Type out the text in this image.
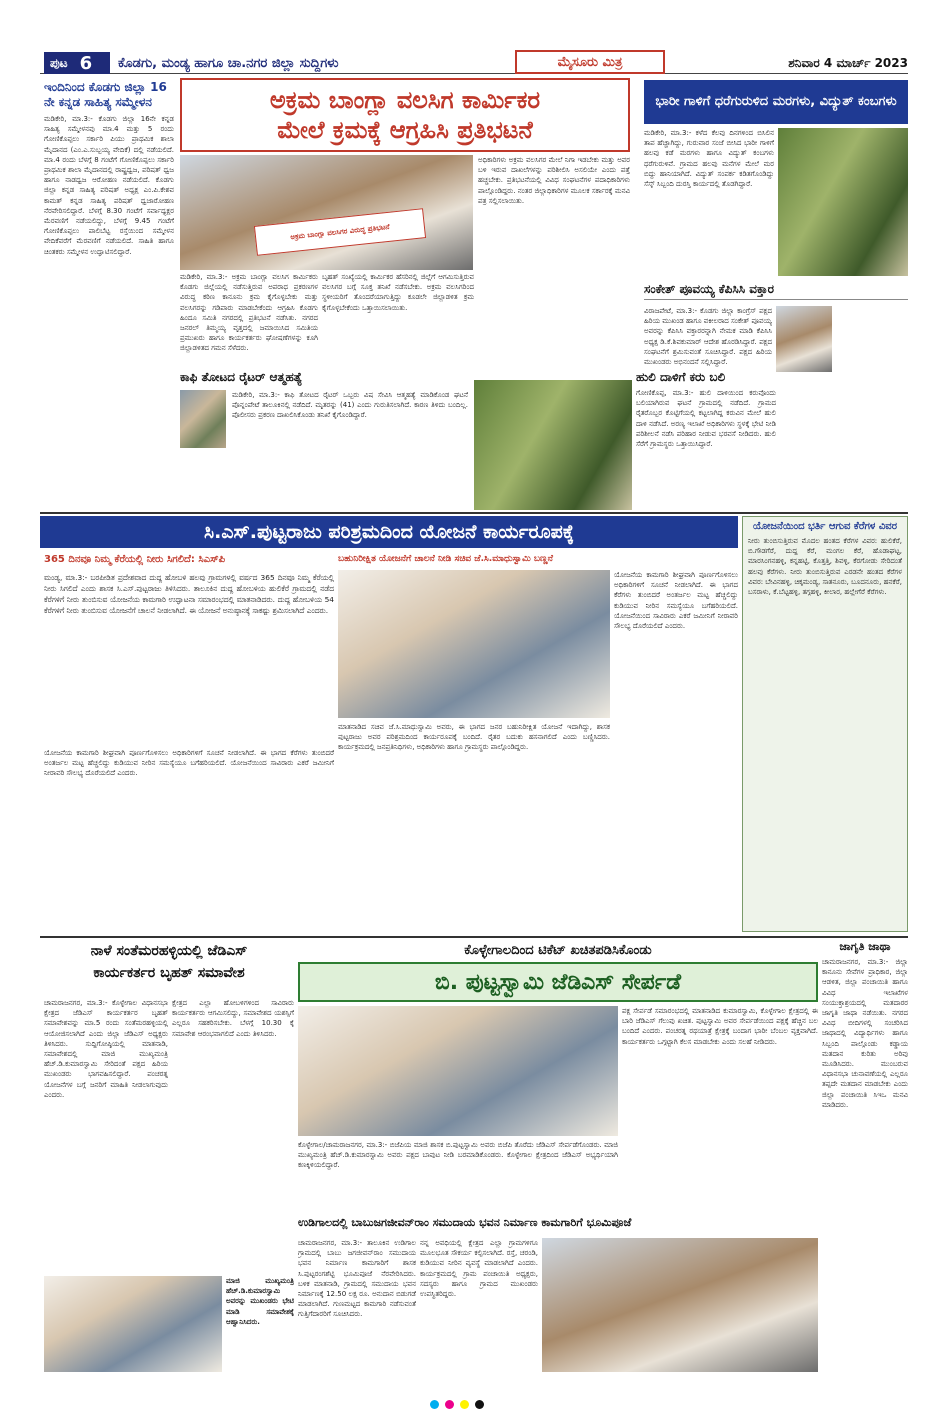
ಪುಟ 6 ಕೊಡಗು, ಮಂಡ್ಯ ಹಾಗೂ ಚಾ.ನಗರ ಜಿಲ್ಲಾ ಸುದ್ದಿಗಳು	ಮೈಸೂರು ಮಿತ್ರ	ಶನಿವಾರ 4 ಮಾರ್ಚ್ 2023
ಇಂದಿನಿಂದ ಕೊಡಗು ಜಿಲ್ಲಾ 16 ನೇ ಕನ್ನಡ ಸಾಹಿತ್ಯ ಸಮ್ಮೇಳನ
ಮಡಿಕೇರಿ, ಮಾ.3:- ಕೊಡಗು ಜಿಲ್ಲಾ 16ನೇ ಕನ್ನಡ ಸಾಹಿತ್ಯ ಸಮ್ಮೇಳನವು ಮಾ.4 ಮತ್ತು 5 ರಂದು ಗೋಣಿಕೊಪ್ಪಲು ಸರ್ಕಾರಿ ಪಿಯು ಪ್ರಾಥಮಿಕ ಶಾಲಾ ಮೈದಾನದ (ಎಂ.ಎ.ಸುಬ್ಬಯ್ಯ ವೇದಿಕೆ) ದಲ್ಲಿ ನಡೆಯಲಿದೆ. ಮಾ.4 ರಂದು ಬೆಳಗ್ಗೆ 8 ಗಂಟೆಗೆ ಗೋಣಿಕೊಪ್ಪಲು ಸರ್ಕಾರಿ ಪ್ರಾಥಮಿಕ ಶಾಲಾ ಮೈದಾನದಲ್ಲಿ ರಾಷ್ಟ್ರಧ್ವಜ, ಪರಿಷತ್ ಧ್ವಜ ಹಾಗೂ ನಾಡಧ್ವಜ ಆರೋಹಣ ನಡೆಯಲಿದೆ. ಕೊಡಗು ಜಿಲ್ಲಾ ಕನ್ನಡ ಸಾಹಿತ್ಯ ಪರಿಷತ್ ಅಧ್ಯಕ್ಷ ಎಂ.ಪಿ.ಕೇಶವ ಕಾಮತ್ ಕನ್ನಡ ಸಾಹಿತ್ಯ ಪರಿಷತ್ ಧ್ವಜಾರೋಹಣ ನೆರವೇರಿಸಲಿದ್ದಾರೆ. ಬೆಳಗ್ಗೆ 8.30 ಗಂಟೆಗೆ ಸರ್ವಾಧ್ಯಕ್ಷರ ಮೆರವಣಿಗೆ ನಡೆಯಲಿದ್ದು, ಬೆಳಗ್ಗೆ 9.45 ಗಂಟೆಗೆ ಗೋಣಿಕೊಪ್ಪಲು ಪಾಲಿಬೆಟ್ಟ ರಸ್ತೆಯಿಂದ ಸಮ್ಮೇಳನ ವೇದಿಕೆವರೆಗೆ ಮೆರವಣಿಗೆ ನಡೆಯಲಿದೆ. ಸಾಹಿತಿ ಹಾಗೂ ಚಿಂತಕರು ಸಮ್ಮೇಳನ ಉದ್ಘಾಟಿಸಲಿದ್ದಾರೆ.
ಅಕ್ರಮ ಬಾಂಗ್ಲಾ ವಲಸಿಗ ಕಾರ್ಮಿಕರ
ಮೇಲೆ ಕ್ರಮಕ್ಕೆ ಆಗ್ರಹಿಸಿ ಪ್ರತಿಭಟನೆ
ಅಕ್ರಮ ಬಾಂಗ್ಲಾ ವಲಸಿಗರ ವಿರುದ್ಧ ಪ್ರತಿಭಟನೆ
ಮಡಿಕೇರಿ, ಮಾ.3:- ಅಕ್ರಮ ಬಾಂಗ್ಲಾ ವಲಸಿಗ ಕಾರ್ಮಿಕರು ಕೊಡಗು ಜಿಲ್ಲೆಯಲ್ಲಿ ನಡೆಸುತ್ತಿರುವ ಅಪರಾಧ ಪ್ರಕರಣಗಳ ವಿರುದ್ಧ ಕಠಿಣ ಕಾನೂನು ಕ್ರಮ ಕೈಗೊಳ್ಳಬೇಕು ಮತ್ತು ವಲಸಿಗರನ್ನು ಗಡಿಪಾರು ಮಾಡಬೇಕೆಂದು ಆಗ್ರಹಿಸಿ ಕೊಡಗು ಹಿಂದೂ ಸಮಿತಿ ನಗರದಲ್ಲಿ ಪ್ರತಿಭಟನೆ ನಡೆಸಿತು. ನಗರದ ಜನರಲ್ ತಿಮ್ಮಯ್ಯ ವೃತ್ತದಲ್ಲಿ ಜಮಾಯಿಸಿದ ಸಮಿತಿಯ ಪ್ರಮುಖರು ಹಾಗೂ ಕಾರ್ಯಕರ್ತರು ಘೋಷಣೆಗಳನ್ನು ಕೂಗಿ ಜಿಲ್ಲಾಡಳಿತದ ಗಮನ ಸೆಳೆದರು.
ಬೃಹತ್ ಸಂಖ್ಯೆಯಲ್ಲಿ ಕಾರ್ಮಿಕರ ಹೆಸರಿನಲ್ಲಿ ಜಿಲ್ಲೆಗೆ ಆಗಮಿಸುತ್ತಿರುವ ವಲಸಿಗರ ಬಗ್ಗೆ ಸೂಕ್ತ ತನಿಖೆ ನಡೆಸಬೇಕು. ಅಕ್ರಮ ವಲಸಿಗರಿಂದ ಸ್ಥಳೀಯರಿಗೆ ತೊಂದರೆಯಾಗುತ್ತಿದ್ದು ಕೂಡಲೇ ಜಿಲ್ಲಾಡಳಿತ ಕ್ರಮ ಕೈಗೊಳ್ಳಬೇಕೆಂದು ಒತ್ತಾಯಿಸಲಾಯಿತು.
ಅಧಿಕಾರಿಗಳು ಅಕ್ರಮ ವಲಸಿಗರ ಮೇಲೆ ನಿಗಾ ಇಡಬೇಕು ಮತ್ತು ಅವರ ಬಳಿ ಇರುವ ದಾಖಲೆಗಳನ್ನು ಪರಿಶೀಲಿಸಿ ಅಸಲಿಯೇ ಎಂದು ಪತ್ತೆ ಹಚ್ಚಬೇಕು. ಪ್ರತಿಭಟನೆಯಲ್ಲಿ ವಿವಿಧ ಸಂಘಟನೆಗಳ ಪದಾಧಿಕಾರಿಗಳು ಪಾಲ್ಗೊಂಡಿದ್ದರು. ನಂತರ ಜಿಲ್ಲಾಧಿಕಾರಿಗಳ ಮೂಲಕ ಸರ್ಕಾರಕ್ಕೆ ಮನವಿ ಪತ್ರ ಸಲ್ಲಿಸಲಾಯಿತು.
ಕಾಫಿ ತೋಟದ ರೈಟರ್ ಆತ್ಮಹತ್ಯೆ
ಮಡಿಕೇರಿ, ಮಾ.3:- ಕಾಫಿ ತೋಟದ ರೈಟರ್ ಒಬ್ಬರು ವಿಷ ಸೇವಿಸಿ ಆತ್ಮಹತ್ಯೆ ಮಾಡಿಕೊಂಡ ಘಟನೆ ಪೊನ್ನಂಪೇಟೆ ತಾಲೂಕಿನಲ್ಲಿ ನಡೆದಿದೆ. ಮೃತರನ್ನು (41) ಎಂದು ಗುರುತಿಸಲಾಗಿದೆ. ಕಾರಣ ತಿಳಿದು ಬಂದಿಲ್ಲ. ಪೊಲೀಸರು ಪ್ರಕರಣ ದಾಖಲಿಸಿಕೊಂಡು ತನಿಖೆ ಕೈಗೊಂಡಿದ್ದಾರೆ.
ಹುಲಿ ದಾಳಿಗೆ ಕರು ಬಲಿ
ಗೋಣಿಕೊಪ್ಪ, ಮಾ.3:- ಹುಲಿ ದಾಳಿಯಿಂದ ಕರುವೊಂದು ಬಲಿಯಾಗಿರುವ ಘಟನೆ ಗ್ರಾಮದಲ್ಲಿ ನಡೆದಿದೆ. ಗ್ರಾಮದ ರೈತರೊಬ್ಬರ ಕೊಟ್ಟಿಗೆಯಲ್ಲಿ ಕಟ್ಟಲಾಗಿದ್ದ ಕರುವಿನ ಮೇಲೆ ಹುಲಿ ದಾಳಿ ನಡೆಸಿದೆ. ಅರಣ್ಯ ಇಲಾಖೆ ಅಧಿಕಾರಿಗಳು ಸ್ಥಳಕ್ಕೆ ಭೇಟಿ ನೀಡಿ ಪರಿಶೀಲನೆ ನಡೆಸಿ ಪರಿಹಾರ ನೀಡುವ ಭರವಸೆ ನೀಡಿದರು. ಹುಲಿ ಸೆರೆಗೆ ಗ್ರಾಮಸ್ಥರು ಒತ್ತಾಯಿಸಿದ್ದಾರೆ.
ಭಾರೀ ಗಾಳಿಗೆ ಧರೆಗುರುಳಿದ ಮರಗಳು, ವಿದ್ಯುತ್ ಕಂಬಗಳು
ಮಡಿಕೇರಿ, ಮಾ.3:- ಕಳೆದ ಕೆಲವು ದಿನಗಳಿಂದ ಬಿಸಿಲಿನ ತಾಪ ಹೆಚ್ಚಾಗಿದ್ದು, ಗುರುವಾರ ಸಂಜೆ ಬೀಸಿದ ಭಾರೀ ಗಾಳಿಗೆ ಹಲವು ಕಡೆ ಮರಗಳು ಹಾಗೂ ವಿದ್ಯುತ್ ಕಂಬಗಳು ಧರೆಗುರುಳಿವೆ. ಗ್ರಾಮದ ಹಲವು ಮನೆಗಳ ಮೇಲೆ ಮರ ಬಿದ್ದು ಹಾನಿಯಾಗಿದೆ. ವಿದ್ಯುತ್ ಸಂಪರ್ಕ ಕಡಿತಗೊಂಡಿದ್ದು ಸೆಸ್ಕ್ ಸಿಬ್ಬಂದಿ ದುರಸ್ತಿ ಕಾರ್ಯದಲ್ಲಿ ತೊಡಗಿದ್ದಾರೆ.
ಸಂಕೇತ್ ಪೂವಯ್ಯ ಕೆಪಿಸಿಸಿ ವಕ್ತಾರ
ವಿರಾಜಪೇಟೆ, ಮಾ.3:- ಕೊಡಗು ಜಿಲ್ಲಾ ಕಾಂಗ್ರೆಸ್ ಪಕ್ಷದ ಹಿರಿಯ ಮುಖಂಡ ಹಾಗೂ ವಕೀಲರಾದ ಸಂಕೇತ್ ಪೂವಯ್ಯ ಅವರನ್ನು ಕೆಪಿಸಿಸಿ ವಕ್ತಾರರನ್ನಾಗಿ ನೇಮಕ ಮಾಡಿ ಕೆಪಿಸಿಸಿ ಅಧ್ಯಕ್ಷ ಡಿ.ಕೆ.ಶಿವಕುಮಾರ್ ಆದೇಶ ಹೊರಡಿಸಿದ್ದಾರೆ. ಪಕ್ಷದ ಸಂಘಟನೆಗೆ ಶ್ರಮಿಸುವಂತೆ ಸೂಚಿಸಿದ್ದಾರೆ. ಪಕ್ಷದ ಹಿರಿಯ ಮುಖಂಡರು ಅಭಿನಂದನೆ ಸಲ್ಲಿಸಿದ್ದಾರೆ.
ಸಿ.ಎಸ್.ಪುಟ್ಟರಾಜು ಪರಿಶ್ರಮದಿಂದ ಯೋಜನೆ ಕಾರ್ಯರೂಪಕ್ಕೆ
365 ದಿನವೂ ನಿಮ್ಮ ಕೆರೆಯಲ್ಲಿ ನೀರು ಸಿಗಲಿದೆ: ಸಿಎಸ್‌ಪಿ	ಬಹುನಿರೀಕ್ಷಿತ ಯೋಜನೆಗೆ ಚಾಲನೆ ನೀಡಿ ಸಚಿವ ಜೆ.ಸಿ.ಮಾಧುಸ್ವಾಮಿ ಬಣ್ಣನೆ
ಮಂಡ್ಯ, ಮಾ.3:- ಬರಪೀಡಿತ ಪ್ರದೇಶವಾದ ದುದ್ದ ಹೋಬಳಿ ಹಲವು ಗ್ರಾಮಗಳಲ್ಲಿ ವರ್ಷದ 365 ದಿನವೂ ನಿಮ್ಮ ಕೆರೆಯಲ್ಲಿ ನೀರು ಸಿಗಲಿದೆ ಎಂದು ಶಾಸಕ ಸಿ.ಎಸ್.ಪುಟ್ಟರಾಜು ತಿಳಿಸಿದರು. ತಾಲೂಕಿನ ದುದ್ದ ಹೋಬಳಿಯ ಹುಲಿಕೆರೆ ಗ್ರಾಮದಲ್ಲಿ ನಡೆದ ಕೆರೆಗಳಿಗೆ ನೀರು ತುಂಬಿಸುವ ಯೋಜನೆಯ ಕಾಮಗಾರಿ ಉದ್ಘಾಟನಾ ಸಮಾರಂಭದಲ್ಲಿ ಮಾತನಾಡಿದರು. ದುದ್ದ ಹೋಬಳಿಯ 54 ಕೆರೆಗಳಿಗೆ ನೀರು ತುಂಬಿಸುವ ಯೋಜನೆಗೆ ಚಾಲನೆ ನೀಡಲಾಗಿದೆ. ಈ ಯೋಜನೆ ಅನುಷ್ಠಾನಕ್ಕೆ ಸಾಕಷ್ಟು ಶ್ರಮಿಸಲಾಗಿದೆ ಎಂದರು.
ಮಾತನಾಡಿದ ಸಚಿವ ಜೆ.ಸಿ.ಮಾಧುಸ್ವಾಮಿ ಅವರು, ಈ ಭಾಗದ ಜನರ ಬಹುನಿರೀಕ್ಷಿತ ಯೋಜನೆ ಇದಾಗಿದ್ದು, ಶಾಸಕ ಪುಟ್ಟರಾಜು ಅವರ ಪರಿಶ್ರಮದಿಂದ ಕಾರ್ಯರೂಪಕ್ಕೆ ಬಂದಿದೆ. ರೈತರ ಬದುಕು ಹಸನಾಗಲಿದೆ ಎಂದು ಬಣ್ಣಿಸಿದರು. ಕಾರ್ಯಕ್ರಮದಲ್ಲಿ ಜನಪ್ರತಿನಿಧಿಗಳು, ಅಧಿಕಾರಿಗಳು ಹಾಗೂ ಗ್ರಾಮಸ್ಥರು ಪಾಲ್ಗೊಂಡಿದ್ದರು.
ಯೋಜನೆಯ ಕಾಮಗಾರಿ ಶೀಘ್ರವಾಗಿ ಪೂರ್ಣಗೊಳಿಸಲು ಅಧಿಕಾರಿಗಳಿಗೆ ಸೂಚನೆ ನೀಡಲಾಗಿದೆ. ಈ ಭಾಗದ ಕೆರೆಗಳು ತುಂಬಿದರೆ ಅಂತರ್ಜಲ ಮಟ್ಟ ಹೆಚ್ಚಲಿದ್ದು ಕುಡಿಯುವ ನೀರಿನ ಸಮಸ್ಯೆಯೂ ಬಗೆಹರಿಯಲಿದೆ. ಯೋಜನೆಯಿಂದ ಸಾವಿರಾರು ಎಕರೆ ಜಮೀನಿಗೆ ನೀರಾವರಿ ಸೌಲಭ್ಯ ದೊರೆಯಲಿದೆ ಎಂದರು.
ಯೋಜನೆಯಿಂದ ಭರ್ತಿ ಆಗುವ ಕೆರೆಗಳ ವಿವರ
ನೀರು ತುಂಬಿಸುತ್ತಿರುವ ಮೊದಲ ಹಂತದ ಕೆರೆಗಳ ವಿವರ: ಹುಲಿಕೆರೆ, ಬಿ.ಗೌಡಗೆರೆ, ದುದ್ದ ಕೆರೆ, ಮಂಗಲ ಕೆರೆ, ಹೊಡಾಘಟ್ಟ, ಮಾರಸಿಂಗನಹಳ್ಳಿ, ಕನ್ನಹಟ್ಟಿ, ಕೊತ್ತತ್ತಿ, ಶಿವಳ್ಳಿ, ಕೆರಗೋಡು ಸೇರಿದಂತೆ ಹಲವು ಕೆರೆಗಳು. ನೀರು ತುಂಬಿಸುತ್ತಿರುವ ಎರಡನೇ ಹಂತದ ಕೆರೆಗಳ ವಿವರ: ಬೇವಿನಹಳ್ಳಿ, ಚಿಕ್ಕಮಂಡ್ಯ, ಸಾತನೂರು, ಬೂದನೂರು, ಹನಕೆರೆ, ಬಸರಾಳು, ಕೆ.ಬೆಟ್ಟಹಳ್ಳಿ, ತಗ್ಗಹಳ್ಳಿ, ಕೀಲಾರ, ಹಲ್ಲೇಗೆರೆ ಕೆರೆಗಳು.
ಯೋಜನೆಯ ಕಾಮಗಾರಿ ಶೀಘ್ರವಾಗಿ ಪೂರ್ಣಗೊಳಿಸಲು ಅಧಿಕಾರಿಗಳಿಗೆ ಸೂಚನೆ ನೀಡಲಾಗಿದೆ. ಈ ಭಾಗದ ಕೆರೆಗಳು ತುಂಬಿದರೆ ಅಂತರ್ಜಲ ಮಟ್ಟ ಹೆಚ್ಚಲಿದ್ದು ಕುಡಿಯುವ ನೀರಿನ ಸಮಸ್ಯೆಯೂ ಬಗೆಹರಿಯಲಿದೆ. ಯೋಜನೆಯಿಂದ ಸಾವಿರಾರು ಎಕರೆ ಜಮೀನಿಗೆ ನೀರಾವರಿ ಸೌಲಭ್ಯ ದೊರೆಯಲಿದೆ ಎಂದರು.
ನಾಳೆ ಸಂತೆಮರಹಳ್ಳಿಯಲ್ಲಿ ಜೆಡಿಎಸ್
ಕಾರ್ಯಕರ್ತರ ಬೃಹತ್ ಸಮಾವೇಶ
ಚಾಮರಾಜನಗರ, ಮಾ.3:- ಕೊಳ್ಳೇಗಾಲ ವಿಧಾನಸಭಾ ಕ್ಷೇತ್ರದ ಜೆಡಿಎಸ್ ಕಾರ್ಯಕರ್ತರ ಬೃಹತ್ ಸಮಾವೇಶವನ್ನು ಮಾ.5 ರಂದು ಸಂತೆಮರಹಳ್ಳಿಯಲ್ಲಿ ಆಯೋಜಿಸಲಾಗಿದೆ ಎಂದು ಜಿಲ್ಲಾ ಜೆಡಿಎಸ್ ಅಧ್ಯಕ್ಷರು ತಿಳಿಸಿದರು. ಸುದ್ದಿಗೋಷ್ಠಿಯಲ್ಲಿ ಮಾತನಾಡಿ, ಸಮಾವೇಶದಲ್ಲಿ ಮಾಜಿ ಮುಖ್ಯಮಂತ್ರಿ ಹೆಚ್.ಡಿ.ಕುಮಾರಸ್ವಾಮಿ ಸೇರಿದಂತೆ ಪಕ್ಷದ ಹಿರಿಯ ಮುಖಂಡರು ಭಾಗವಹಿಸಲಿದ್ದಾರೆ. ಪಂಚರತ್ನ ಯೋಜನೆಗಳ ಬಗ್ಗೆ ಜನರಿಗೆ ಮಾಹಿತಿ ನೀಡಲಾಗುವುದು ಎಂದರು.
ಕ್ಷೇತ್ರದ ಎಲ್ಲಾ ಹೋಬಳಿಗಳಿಂದ ಸಾವಿರಾರು ಕಾರ್ಯಕರ್ತರು ಆಗಮಿಸಲಿದ್ದು, ಸಮಾವೇಶದ ಯಶಸ್ಸಿಗೆ ಎಲ್ಲರೂ ಸಹಕರಿಸಬೇಕು. ಬೆಳಗ್ಗೆ 10.30 ಕ್ಕೆ ಸಮಾವೇಶ ಆರಂಭವಾಗಲಿದೆ ಎಂದು ತಿಳಿಸಿದರು.
ಮಾಜಿ ಮುಖ್ಯಮಂತ್ರಿ ಹೆಚ್.ಡಿ.ಕುಮಾರಸ್ವಾಮಿ ಅವರನ್ನು ಮುಖಂಡರು ಭೇಟಿ ಮಾಡಿ ಸಮಾವೇಶಕ್ಕೆ ಆಹ್ವಾನಿಸಿದರು.
ಕೊಳ್ಳೇಗಾಲದಿಂದ ಟಿಕೆಟ್ ಖಚಿತಪಡಿಸಿಕೊಂಡು
ಬಿ. ಪುಟ್ಟಸ್ವಾಮಿ ಜೆಡಿಎಸ್ ಸೇರ್ಪಡೆ
ಕೊಳ್ಳೇಗಾಲ/ಚಾಮರಾಜನಗರ, ಮಾ.3:- ಬಿಜೆಪಿಯ ಮಾಜಿ ಶಾಸಕ ಬಿ.ಪುಟ್ಟಸ್ವಾಮಿ ಅವರು ಬಿಜೆಪಿ ತೊರೆದು ಜೆಡಿಎಸ್ ಸೇರ್ಪಡೆಗೊಂಡರು. ಮಾಜಿ ಮುಖ್ಯಮಂತ್ರಿ ಹೆಚ್.ಡಿ.ಕುಮಾರಸ್ವಾಮಿ ಅವರು ಪಕ್ಷದ ಬಾವುಟ ನೀಡಿ ಬರಮಾಡಿಕೊಂಡರು. ಕೊಳ್ಳೇಗಾಲ ಕ್ಷೇತ್ರದಿಂದ ಜೆಡಿಎಸ್ ಅಭ್ಯರ್ಥಿಯಾಗಿ ಕಣಕ್ಕಿಳಿಯಲಿದ್ದಾರೆ.
ಪಕ್ಷ ಸೇರ್ಪಡೆ ಸಮಾರಂಭದಲ್ಲಿ ಮಾತನಾಡಿದ ಕುಮಾರಸ್ವಾಮಿ, ಕೊಳ್ಳೇಗಾಲ ಕ್ಷೇತ್ರದಲ್ಲಿ ಈ ಬಾರಿ ಜೆಡಿಎಸ್ ಗೆಲುವು ಖಚಿತ. ಪುಟ್ಟಸ್ವಾಮಿ ಅವರ ಸೇರ್ಪಡೆಯಿಂದ ಪಕ್ಷಕ್ಕೆ ಹೆಚ್ಚಿನ ಬಲ ಬಂದಿದೆ ಎಂದರು. ಪಂಚರತ್ನ ರಥಯಾತ್ರೆ ಕ್ಷೇತ್ರಕ್ಕೆ ಬಂದಾಗ ಭಾರೀ ಬೆಂಬಲ ವ್ಯಕ್ತವಾಗಿದೆ. ಕಾರ್ಯಕರ್ತರು ಒಗ್ಗಟ್ಟಾಗಿ ಕೆಲಸ ಮಾಡಬೇಕು ಎಂದು ಸಲಹೆ ನೀಡಿದರು.
ಜಾಗೃತಿ ಜಾಥಾ
ಚಾಮರಾಜನಗರ, ಮಾ.3:- ಜಿಲ್ಲಾ ಕಾನೂನು ಸೇವೆಗಳ ಪ್ರಾಧಿಕಾರ, ಜಿಲ್ಲಾ ಆಡಳಿತ, ಜಿಲ್ಲಾ ಪಂಚಾಯಿತಿ ಹಾಗೂ ವಿವಿಧ ಇಲಾಖೆಗಳ ಸಂಯುಕ್ತಾಶ್ರಯದಲ್ಲಿ ಮತದಾರರ ಜಾಗೃತಿ ಜಾಥಾ ನಡೆಯಿತು. ನಗರದ ವಿವಿಧ ಬೀದಿಗಳಲ್ಲಿ ಸಂಚರಿಸಿದ ಜಾಥಾದಲ್ಲಿ ವಿದ್ಯಾರ್ಥಿಗಳು ಹಾಗೂ ಸಿಬ್ಬಂದಿ ಪಾಲ್ಗೊಂಡು ಕಡ್ಡಾಯ ಮತದಾನ ಕುರಿತು ಅರಿವು ಮೂಡಿಸಿದರು. ಮುಂಬರುವ ವಿಧಾನಸಭಾ ಚುನಾವಣೆಯಲ್ಲಿ ಎಲ್ಲರೂ ತಪ್ಪದೇ ಮತದಾನ ಮಾಡಬೇಕು ಎಂದು ಜಿಲ್ಲಾ ಪಂಚಾಯಿತಿ ಸಿಇಒ ಮನವಿ ಮಾಡಿದರು.
ಉಡಿಗಾಲದಲ್ಲಿ ಬಾಬುಜಗಜೀವನ್‌ರಾಂ ಸಮುದಾಯ ಭವನ ನಿರ್ಮಾಣ ಕಾಮಗಾರಿಗೆ ಭೂಮಿಪೂಜೆ
ಚಾಮರಾಜನಗರ, ಮಾ.3:- ತಾಲೂಕಿನ ಉಡಿಗಾಲ ಗ್ರಾಮದಲ್ಲಿ ಬಾಬು ಜಗಜೀವನ್‌ರಾಂ ಸಮುದಾಯ ಭವನ ನಿರ್ಮಾಣ ಕಾಮಗಾರಿಗೆ ಶಾಸಕ ಸಿ.ಪುಟ್ಟರಂಗಶೆಟ್ಟಿ ಭೂಮಿಪೂಜೆ ನೆರವೇರಿಸಿದರು. ಬಳಿಕ ಮಾತನಾಡಿ, ಗ್ರಾಮದಲ್ಲಿ ಸಮುದಾಯ ಭವನ ನಿರ್ಮಾಣಕ್ಕೆ 12.50 ಲಕ್ಷ ರೂ. ಅನುದಾನ ಬಿಡುಗಡೆ ಮಾಡಲಾಗಿದೆ. ಗುಣಮಟ್ಟದ ಕಾಮಗಾರಿ ನಡೆಸುವಂತೆ ಗುತ್ತಿಗೆದಾರರಿಗೆ ಸೂಚಿಸಿದರು.
ನನ್ನ ಅವಧಿಯಲ್ಲಿ ಕ್ಷೇತ್ರದ ಎಲ್ಲಾ ಗ್ರಾಮಗಳಿಗೂ ಮೂಲಭೂತ ಸೌಕರ್ಯ ಕಲ್ಪಿಸಲಾಗಿದೆ. ರಸ್ತೆ, ಚರಂಡಿ, ಕುಡಿಯುವ ನೀರಿನ ವ್ಯವಸ್ಥೆ ಮಾಡಲಾಗಿದೆ ಎಂದರು. ಕಾರ್ಯಕ್ರಮದಲ್ಲಿ ಗ್ರಾಮ ಪಂಚಾಯಿತಿ ಅಧ್ಯಕ್ಷರು, ಸದಸ್ಯರು ಹಾಗೂ ಗ್ರಾಮದ ಮುಖಂಡರು ಉಪಸ್ಥಿತರಿದ್ದರು.
